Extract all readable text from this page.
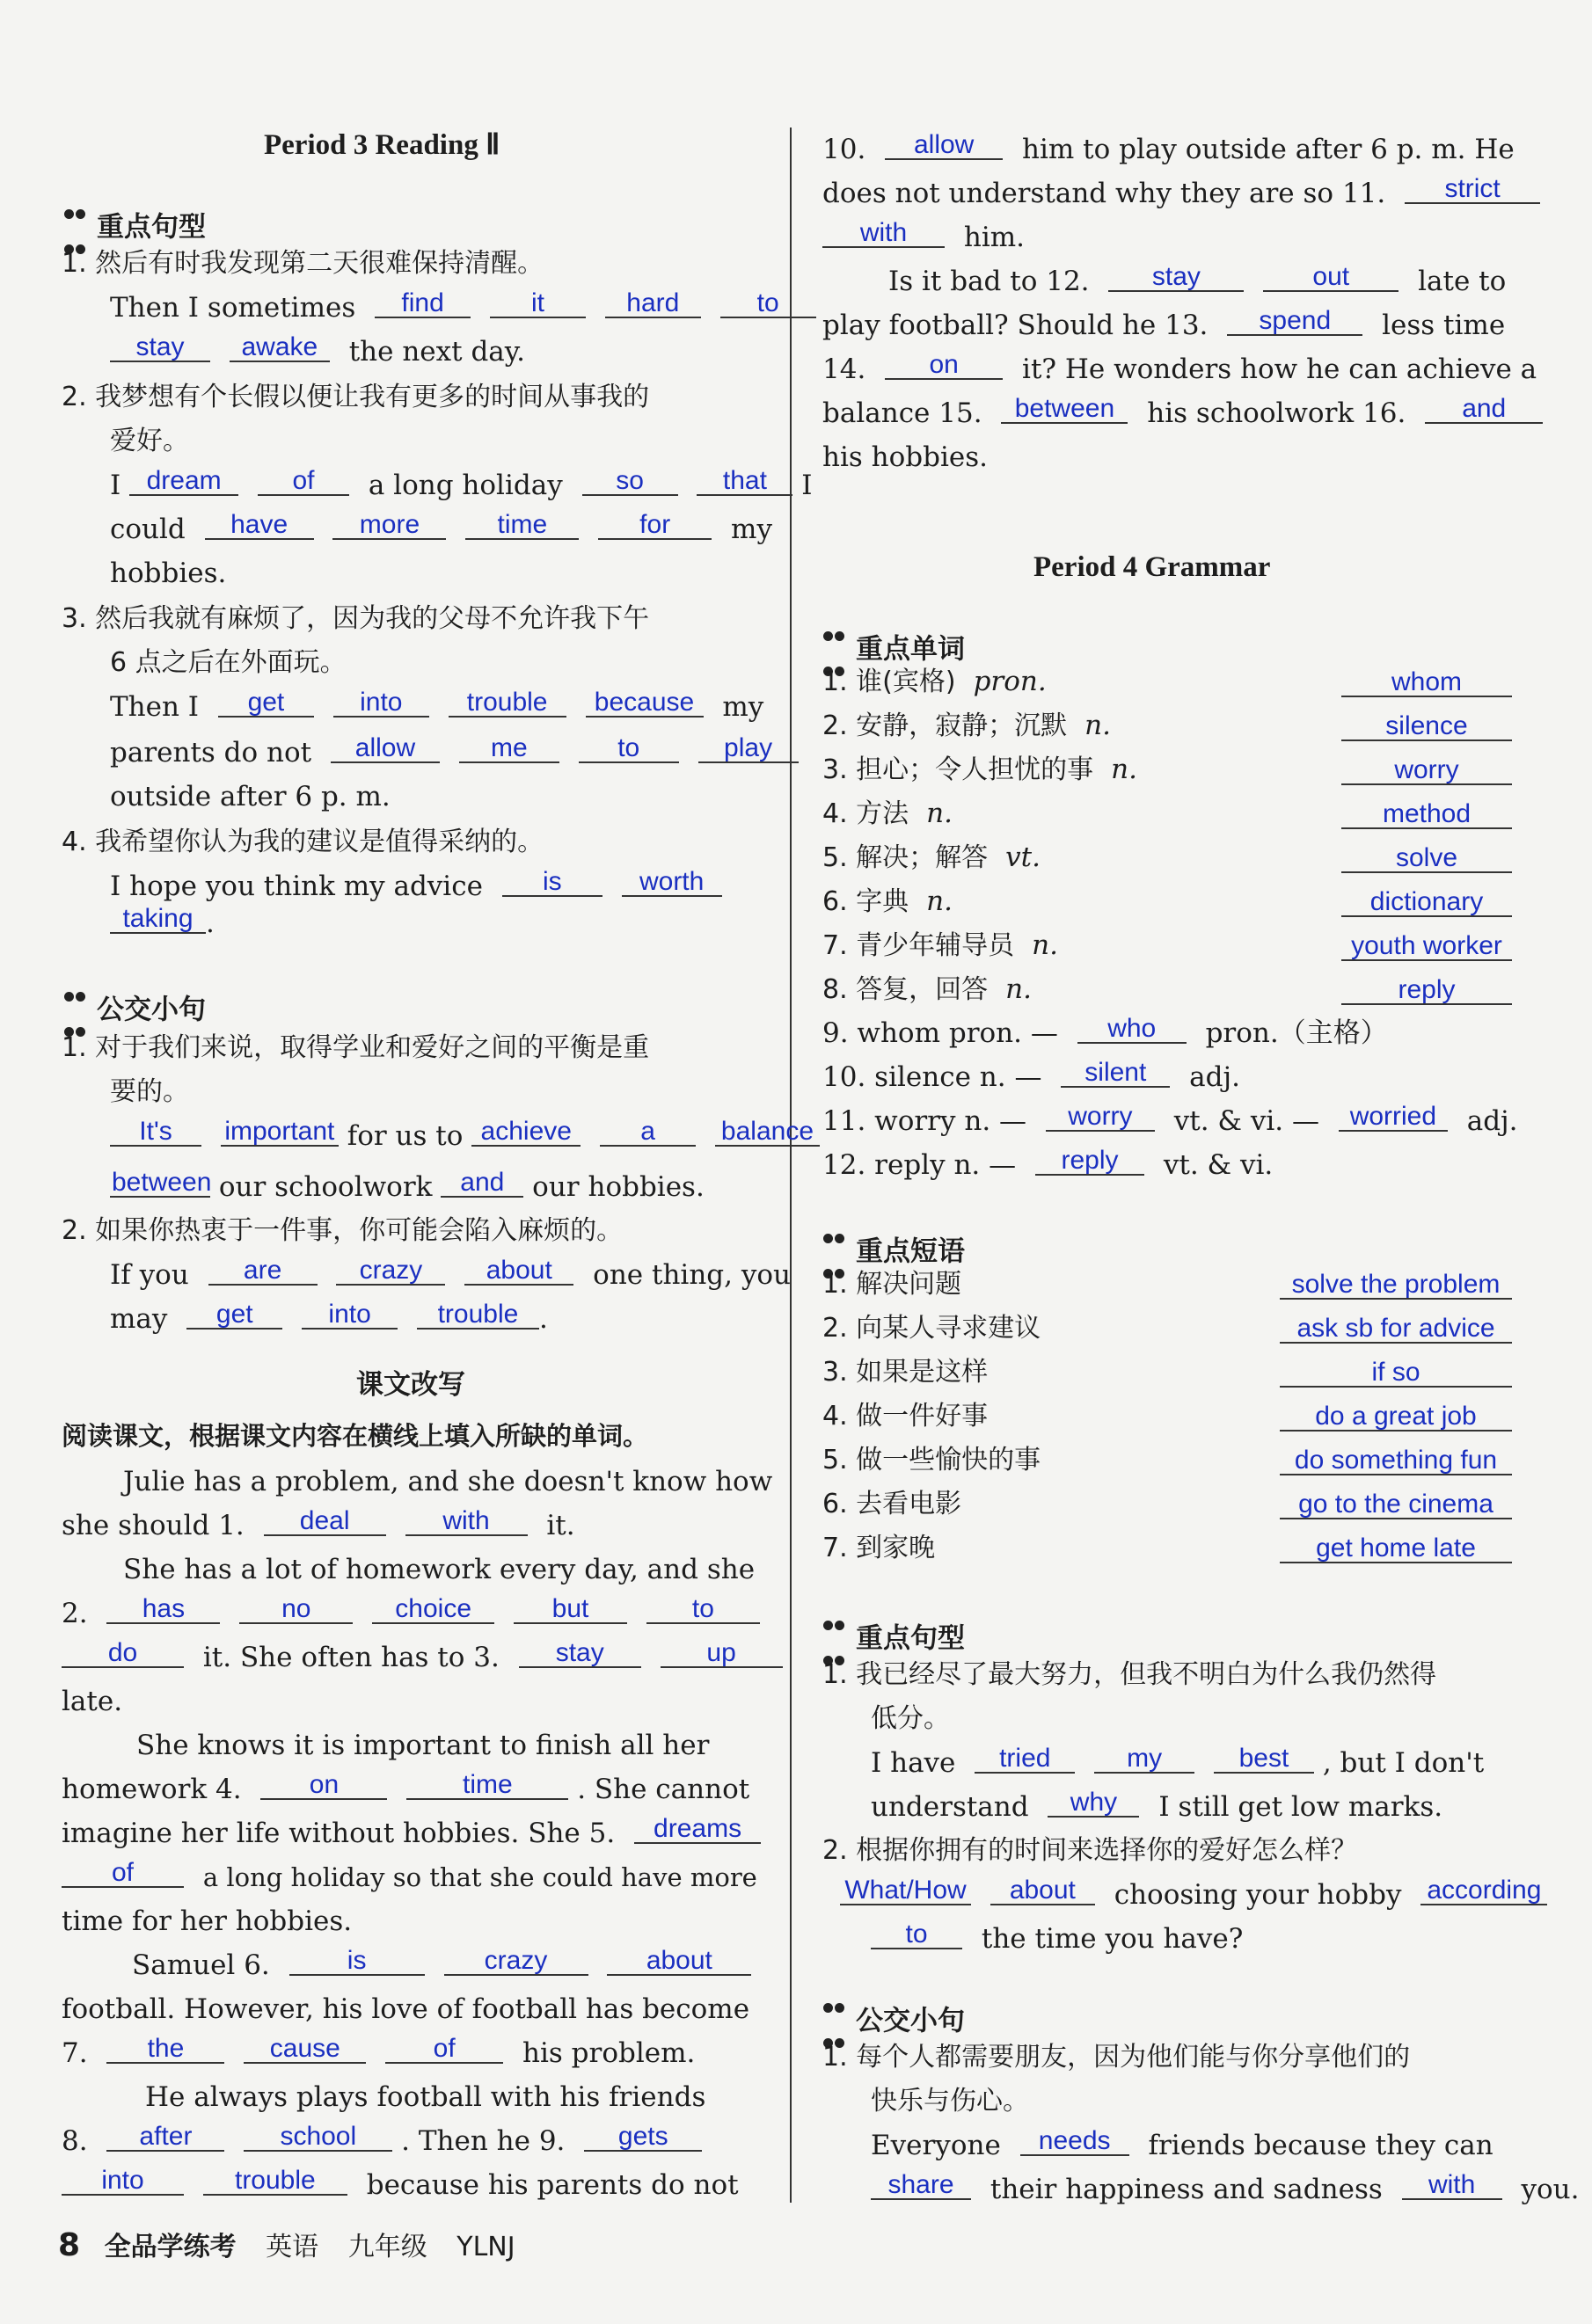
Period 3 Reading Ⅱ

重点句型
1. 然后有时我发现第二天很难保持清醒。
Then I sometimes find	it	hard	to
stay awake the next day.
2. 我梦想有个长假以便让我有更多的时间从事我的
爱好。
I dream	of a long holiday so	that I
could have	more	time	for my
hobbies.
3. 然后我就有麻烦了，因为我的父母不允许我下午
6 点之后在外面玩。
Then I get	into trouble because my
parents do not allow	me	to	play
outside after 6 p. m.
4. 我希望你认为我的建议是值得采纳的。
I hope you think my advice is	worth
taking .

公交小句
1. 对于我们来说，取得学业和爱好之间的平衡是重
要的。
It's important for us to achieve	a balance
between our schoolwork and our hobbies.
2. 如果你热衷于一件事，你可能会陷入麻烦的。
If you are	crazy about one thing, you
may get	into	trouble .
课文改写
阅读课文，根据课文内容在横线上填入所缺的单词。
Julie has a problem, and she doesn't know how
she should 1. deal	with it.
She has a lot of homework every day, and she
2. has	no	choice	but	to
do it. She often has to 3. stay	up
late.
She knows it is important to finish all her
homework 4.	on	time . She cannot
imagine her life without hobbies. She 5. dreams
of	a long holiday so that she could have more
time for her hobbies.
Samuel 6.	is	crazy	about
football. However, his love of football has become
7. the	cause	of his problem.
He always plays football with his friends
8. after	school . Then he 9. gets
into	trouble because his parents do not
10. allow him to play outside after 6 p. m. He
does not understand why they are so 11. strict
with him.
Is it bad to 12. stay	out	late to
play football? Should he 13. spend less time
14. on it? He wonders how he can achieve a
balance 15. between his schoolwork 16. and
his hobbies.
Period 4 Grammar

重点单词
1. 谁(宾格) pron.	whom
2. 安静，寂静；沉默 n.	silence
3. 担心；令人担忧的事 n.	worry
4. 方法 n.	method
5. 解决；解答 vt.	solve
6. 字典 n.	dictionary
7. 青少年辅导员 n.	youth worker
8. 答复，回答 n.	reply
9. whom pron. — who pron.（主格）
10. silence n. — silent adj.
11. worry n. — worry vt. & vi. — worried adj.
12. reply n. — reply vt. & vi.

重点短语
1. 解决问题	solve the problem
2. 向某人寻求建议	ask sb for advice
3. 如果是这样	if so
4. 做一件好事	do a great job
5. 做一些愉快的事	do something fun
6. 去看电影	go to the cinema
7. 到家晚	get home late

重点句型
1. 我已经尽了最大努力，但我不明白为什么我仍然得
低分。
I have tried	my	best , but I don't
understand why I still get low marks.
2. 根据你拥有的时间来选择你的爱好怎么样？
What/How about choosing your hobby according
to the time you have?

公交小句
1. 每个人都需要朋友，因为他们能与你分享他们的
快乐与伤心。
Everyone needs friends because they can
share their happiness and sadness with you.
8 全品学练考 英语 九年级 YLNJ
